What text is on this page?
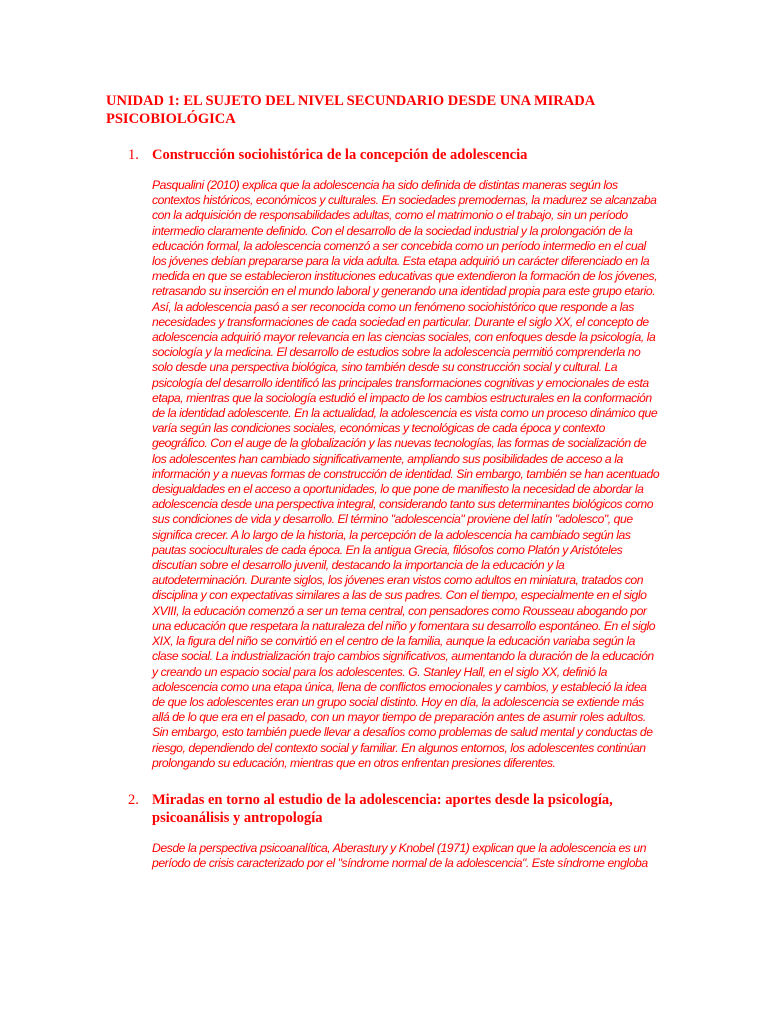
UNIDAD 1: EL SUJETO DEL NIVEL SECUNDARIO DESDE UNA MIRADA PSICOBIOLÓGICA
1. Construcción sociohistórica de la concepción de adolescencia

Pasqualini (2010) explica que la adolescencia ha sido definida de distintas maneras según los contextos históricos, económicos y culturales. En sociedades premodernas, la madurez se alcanzaba con la adquisición de responsabilidades adultas, como el matrimonio o el trabajo, sin un período intermedio claramente definido. Con el desarrollo de la sociedad industrial y la prolongación de la educación formal, la adolescencia comenzó a ser concebida como un período intermedio en el cual los jóvenes debían prepararse para la vida adulta. Esta etapa adquirió un carácter diferenciado en la medida en que se establecieron instituciones educativas que extendieron la formación de los jóvenes, retrasando su inserción en el mundo laboral y generando una identidad propia para este grupo etario. Así, la adolescencia pasó a ser reconocida como un fenómeno sociohistórico que responde a las necesidades y transformaciones de cada sociedad en particular. Durante el siglo XX, el concepto de adolescencia adquirió mayor relevancia en las ciencias sociales, con enfoques desde la psicología, la sociología y la medicina. El desarrollo de estudios sobre la adolescencia permitió comprenderla no solo desde una perspectiva biológica, sino también desde su construcción social y cultural. La psicología del desarrollo identificó las principales transformaciones cognitivas y emocionales de esta etapa, mientras que la sociología estudió el impacto de los cambios estructurales en la conformación de la identidad adolescente. En la actualidad, la adolescencia es vista como un proceso dinámico que varía según las condiciones sociales, económicas y tecnológicas de cada época y contexto geográfico. Con el auge de la globalización y las nuevas tecnologías, las formas de socialización de los adolescentes han cambiado significativamente, ampliando sus posibilidades de acceso a la información y a nuevas formas de construcción de identidad. Sin embargo, también se han acentuado desigualdades en el acceso a oportunidades, lo que pone de manifiesto la necesidad de abordar la adolescencia desde una perspectiva integral, considerando tanto sus determinantes biológicos como sus condiciones de vida y desarrollo. El término "adolescencia" proviene del latín "adolesco", que significa crecer. A lo largo de la historia, la percepción de la adolescencia ha cambiado según las pautas socioculturales de cada época. En la antigua Grecia, filósofos como Platón y Aristóteles discutían sobre el desarrollo juvenil, destacando la importancia de la educación y la autodeterminación. Durante siglos, los jóvenes eran vistos como adultos en miniatura, tratados con disciplina y con expectativas similares a las de sus padres. Con el tiempo, especialmente en el siglo XVIII, la educación comenzó a ser un tema central, con pensadores como Rousseau abogando por una educación que respetara la naturaleza del niño y fomentara su desarrollo espontáneo. En el siglo XIX, la figura del niño se convirtió en el centro de la familia, aunque la educación variaba según la clase social. La industrialización trajo cambios significativos, aumentando la duración de la educación y creando un espacio social para los adolescentes. G. Stanley Hall, en el siglo XX, definió la adolescencia como una etapa única, llena de conflictos emocionales y cambios, y estableció la idea de que los adolescentes eran un grupo social distinto. Hoy en día, la adolescencia se extiende más allá de lo que era en el pasado, con un mayor tiempo de preparación antes de asumir roles adultos. Sin embargo, esto también puede llevar a desafíos como problemas de salud mental y conductas de riesgo, dependiendo del contexto social y familiar. En algunos entornos, los adolescentes continúan prolongando su educación, mientras que en otros enfrentan presiones diferentes.

2. Miradas en torno al estudio de la adolescencia: aportes desde la psicología, psicoanálisis y antropología

Desde la perspectiva psicoanalítica, Aberastury y Knobel (1971) explican que la adolescencia es un período de crisis caracterizado por el "síndrome normal de la adolescencia". Este síndrome engloba
